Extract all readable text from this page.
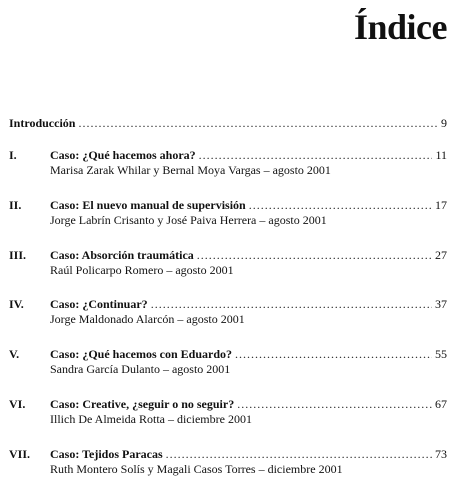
Índice
Introducción .....	9
I.	Caso: ¿Qué hacemos ahora? .....	11
Marisa Zarak Whilar y Bernal Moya Vargas – agosto 2001
II.	Caso: El nuevo manual de supervisión .....	17
Jorge Labrín Crisanto y José Paiva Herrera – agosto 2001
III.	Caso: Absorción traumática .....	27
Raúl Policarpo Romero – agosto 2001
IV.	Caso: ¿Continuar? .....	37
Jorge Maldonado Alarcón – agosto 2001
V.	Caso: ¿Qué hacemos con Eduardo? .....	55
Sandra García Dulanto – agosto 2001
VI.	Caso: Creative, ¿seguir o no seguir? .....	67
Illich De Almeida Rotta – diciembre 2001
VII.	Caso: Tejidos Paracas .....	73
Ruth Montero Solís y Magali Casos Torres – diciembre 2001
